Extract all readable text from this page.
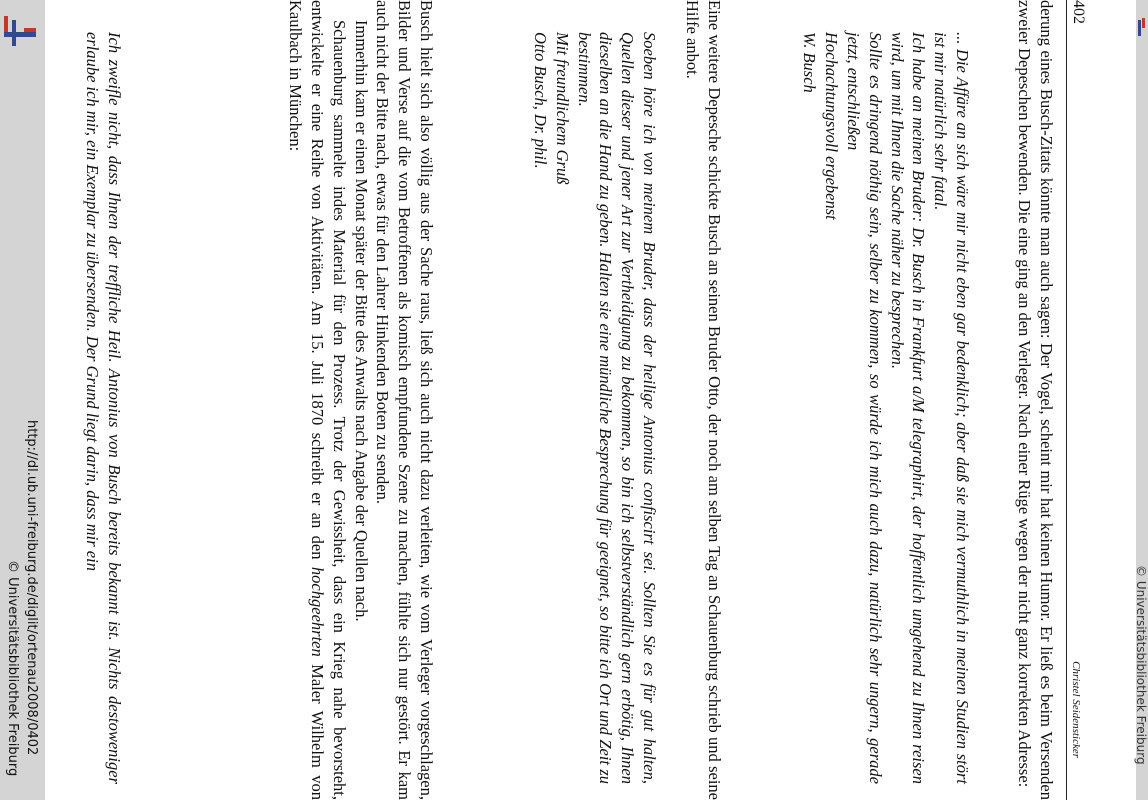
http://dl.ub.uni-freiburg.de/diglit/ortenau2008/0402
© Universitätsbibliothek Freiburg	© Universitätsbibliothek Freiburg
402
Christel Seidensticker

derung eines Busch-Zitats könnte man auch sagen: Der Vogel, scheint mir hat keinen Humor. Er ließ es beim Versenden zweier Depeschen bewenden. Die eine ging an den Verleger. Nach einer Rüge wegen der nicht ganz korrekten Adresse:

... Die Affäre an sich wäre mir nicht eben gar bedenklich; aber daß sie mich vermuthlich in meinen Studien stört ist mir natürlich sehr fatal.

Ich habe an meinen Bruder: Dr. Busch in Frankfurt a/M telegraphirt, der hoffentlich umgehend zu Ihnen reisen wird, um mit Ihnen die Sache näher zu besprechen.

Sollte es dringend nöthig sein, selber zu kommen, so würde ich mich auch dazu, natürlich sehr ungern, gerade jetzt, entschließen

Hochachtungsvoll ergebenst

W. Busch

Eine weitere Depesche schickte Busch an seinen Bruder Otto, der noch am selben Tag an Schauenburg schrieb und seine Hilfe anbot.

Soeben höre ich von meinem Bruder, dass der heilige Antonius confiscirt sei. Sollten Sie es für gut halten, Quellen dieser und jener Art zur Vertheidigung zu bekommen, so bin ich selbstverständlich gern erbötig, Ihnen dieselben an die Hand zu geben. Halten sie eine mündliche Besprechung für geeignet, so bitte ich Ort und Zeit zu bestimmen.

Mit freundlichem Gruß

Otto Busch, Dr. phil.

Busch hielt sich also völlig aus der Sache raus, ließ sich auch nicht dazu verleiten, wie vom Verleger vorgeschlagen, Bilder und Verse auf die vom Betroffenen als komisch empfundene Szene zu machen, fühlte sich nur gestört. Er kam auch nicht der Bitte nach, etwas für den Lahrer Hinkenden Boten zu senden.

Immerhin kam er einen Monat später der Bitte des Anwalts nach Angabe der Quellen nach.

Schauenburg sammelte indes Material für den Prozess. Trotz der Gewissheit, dass ein Krieg nahe bevorsteht, entwickelte er eine Reihe von Aktivitäten. Am 15. Juli 1870 schreibt er an den hochgeehrten Maler Wilhelm von Kaulbach in München:

Ich zweifle nicht, dass Ihnen der treffliche Heil. Antonius von Busch bereits bekannt ist. Nichts destoweniger erlaube ich mir, ein Exemplar zu übersenden. Der Grund liegt darin, dass mir ein
